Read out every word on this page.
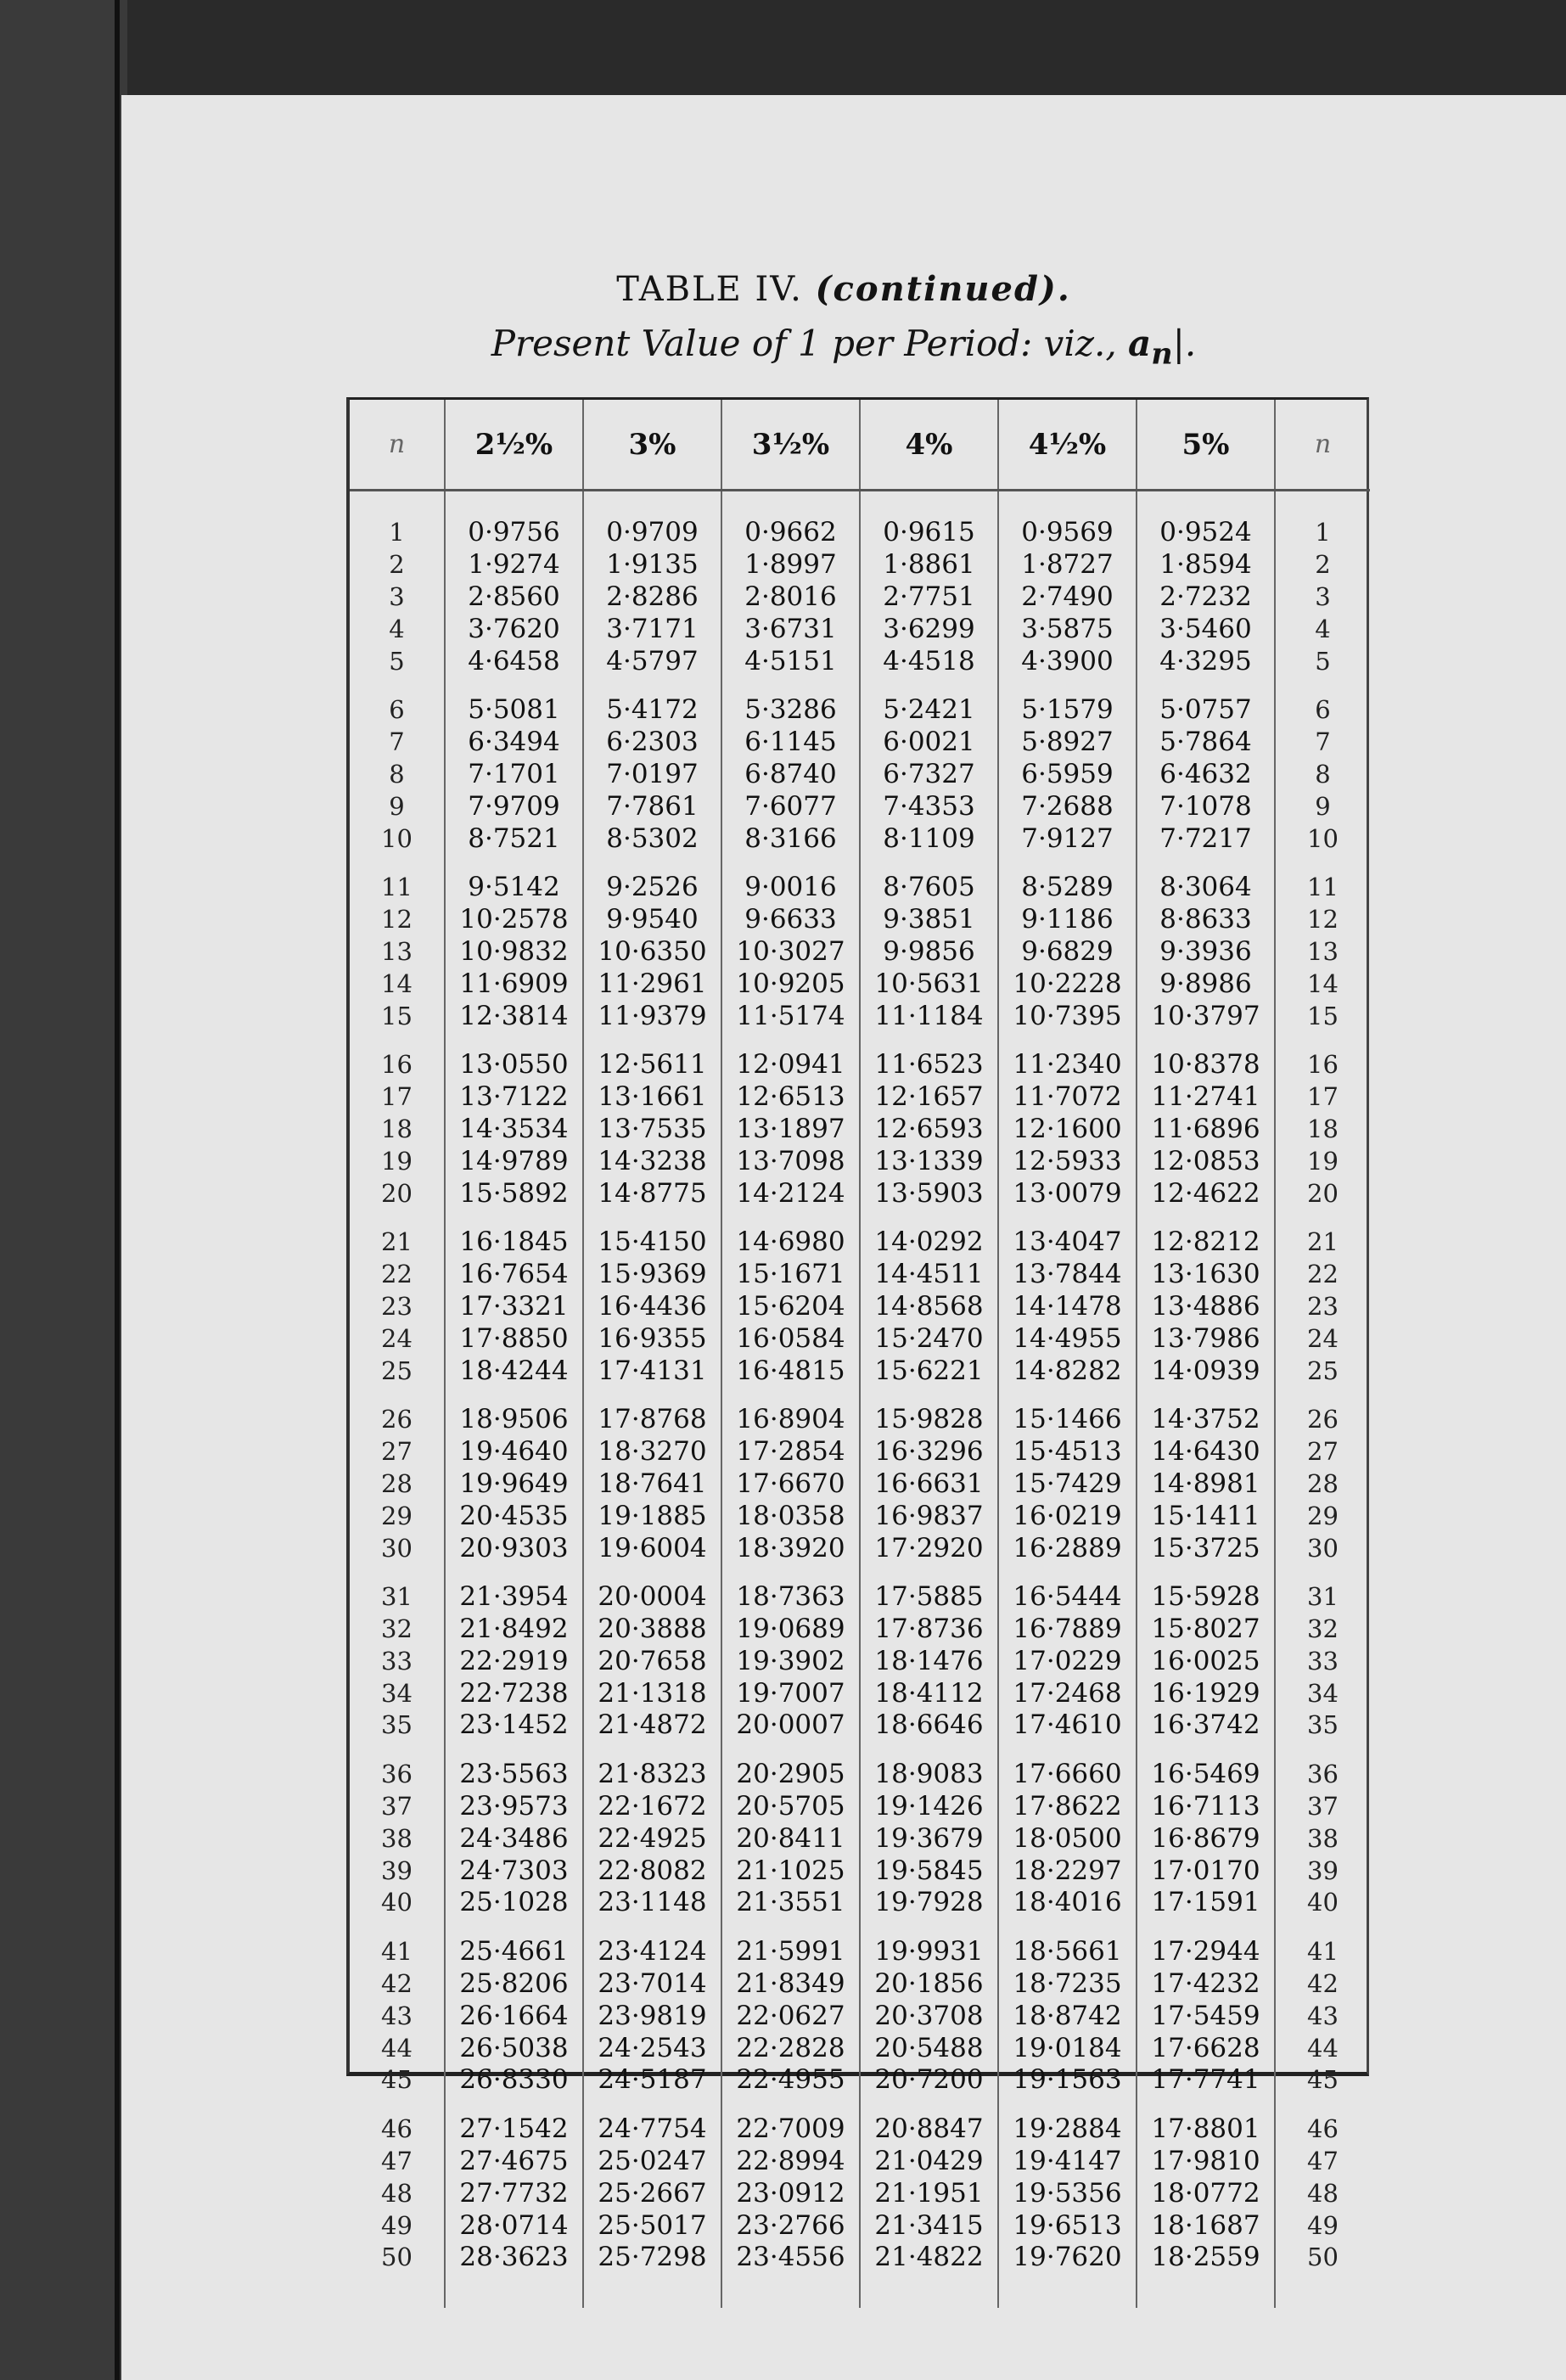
TABLE IV. (continued).
Present Value of 1 per Period: viz., $a_n|$.
n	2½%	3%	3½%	4%	4½%	5%	n
1	0·9756	0·9709	0·9662	0·9615	0·9569	0·9524	1
2	1·9274	1·9135	1·8997	1·8861	1·8727	1·8594	2
3	2·8560	2·8286	2·8016	2·7751	2·7490	2·7232	3
4	3·7620	3·7171	3·6731	3·6299	3·5875	3·5460	4
5	4·6458	4·5797	4·5151	4·4518	4·3900	4·3295	5
6	5·5081	5·4172	5·3286	5·2421	5·1579	5·0757	6
7	6·3494	6·2303	6·1145	6·0021	5·8927	5·7864	7
8	7·1701	7·0197	6·8740	6·7327	6·5959	6·4632	8
9	7·9709	7·7861	7·6077	7·4353	7·2688	7·1078	9
10	8·7521	8·5302	8·3166	8·1109	7·9127	7·7217	10
11	9·5142	9·2526	9·0016	8·7605	8·5289	8·3064	11
12	10·2578	9·9540	9·6633	9·3851	9·1186	8·8633	12
13	10·9832	10·6350	10·3027	9·9856	9·6829	9·3936	13
14	11·6909	11·2961	10·9205	10·5631	10·2228	9·8986	14
15	12·3814	11·9379	11·5174	11·1184	10·7395	10·3797	15
16	13·0550	12·5611	12·0941	11·6523	11·2340	10·8378	16
17	13·7122	13·1661	12·6513	12·1657	11·7072	11·2741	17
18	14·3534	13·7535	13·1897	12·6593	12·1600	11·6896	18
19	14·9789	14·3238	13·7098	13·1339	12·5933	12·0853	19
20	15·5892	14·8775	14·2124	13·5903	13·0079	12·4622	20
21	16·1845	15·4150	14·6980	14·0292	13·4047	12·8212	21
22	16·7654	15·9369	15·1671	14·4511	13·7844	13·1630	22
23	17·3321	16·4436	15·6204	14·8568	14·1478	13·4886	23
24	17·8850	16·9355	16·0584	15·2470	14·4955	13·7986	24
25	18·4244	17·4131	16·4815	15·6221	14·8282	14·0939	25
26	18·9506	17·8768	16·8904	15·9828	15·1466	14·3752	26
27	19·4640	18·3270	17·2854	16·3296	15·4513	14·6430	27
28	19·9649	18·7641	17·6670	16·6631	15·7429	14·8981	28
29	20·4535	19·1885	18·0358	16·9837	16·0219	15·1411	29
30	20·9303	19·6004	18·3920	17·2920	16·2889	15·3725	30
31	21·3954	20·0004	18·7363	17·5885	16·5444	15·5928	31
32	21·8492	20·3888	19·0689	17·8736	16·7889	15·8027	32
33	22·2919	20·7658	19·3902	18·1476	17·0229	16·0025	33
34	22·7238	21·1318	19·7007	18·4112	17·2468	16·1929	34
35	23·1452	21·4872	20·0007	18·6646	17·4610	16·3742	35
36	23·5563	21·8323	20·2905	18·9083	17·6660	16·5469	36
37	23·9573	22·1672	20·5705	19·1426	17·8622	16·7113	37
38	24·3486	22·4925	20·8411	19·3679	18·0500	16·8679	38
39	24·7303	22·8082	21·1025	19·5845	18·2297	17·0170	39
40	25·1028	23·1148	21·3551	19·7928	18·4016	17·1591	40
41	25·4661	23·4124	21·5991	19·9931	18·5661	17·2944	41
42	25·8206	23·7014	21·8349	20·1856	18·7235	17·4232	42
43	26·1664	23·9819	22·0627	20·3708	18·8742	17·5459	43
44	26·5038	24·2543	22·2828	20·5488	19·0184	17·6628	44
45	26·8330	24·5187	22·4955	20·7200	19·1563	17·7741	45
46	27·1542	24·7754	22·7009	20·8847	19·2884	17·8801	46
47	27·4675	25·0247	22·8994	21·0429	19·4147	17·9810	47
48	27·7732	25·2667	23·0912	21·1951	19·5356	18·0772	48
49	28·0714	25·5017	23·2766	21·3415	19·6513	18·1687	49
50	28·3623	25·7298	23·4556	21·4822	19·7620	18·2559	50
